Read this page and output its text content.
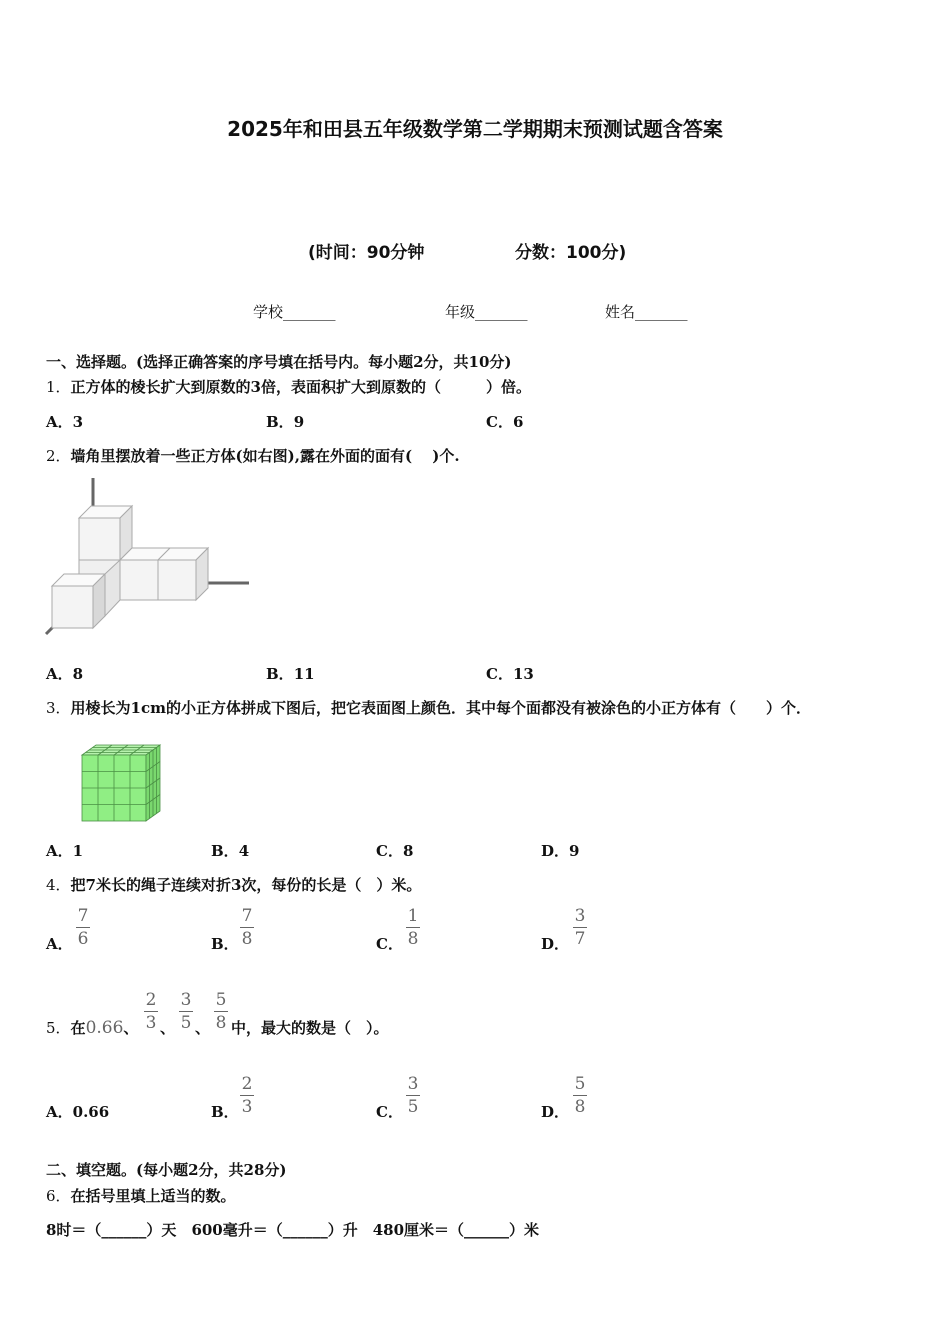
2025年和田县五年级数学第二学期期末预测试题含答案
(时间：90分钟	分数：100分)
学校_______	年级_______	姓名_______
一、选择题。(选择正确答案的序号填在括号内。每小题2分，共10分)
1．正方体的棱长扩大到原数的3倍，表面积扩大到原数的（　　　）倍。
A．3	B．9	C．6
2．墙角里摆放着一些正方体(如右图),露在外面的面有(　 )个.
A．8	B．11	C．13
3．用棱长为1cm的小正方体拼成下图后，把它表面图上颜色．其中每个面都没有被涂色的小正方体有（　　）个．
A．1	B．4	C．8	D．9
4．把7米长的绳子连续对折3次，每份的长是（　）米。
A．
7
6	B．
7
8	C．
1
8	D．
3
7
5．在0.66、
2
3 、
3
5 、
5
8 中，最大的数是（　）。
A．0.66	B．
2
3	C．
3
5	D．
5
8
二、填空题。(每小题2分，共28分)
6．在括号里填上适当的数。
8时＝（______）天　600毫升＝（______）升　480厘米＝（______）米
